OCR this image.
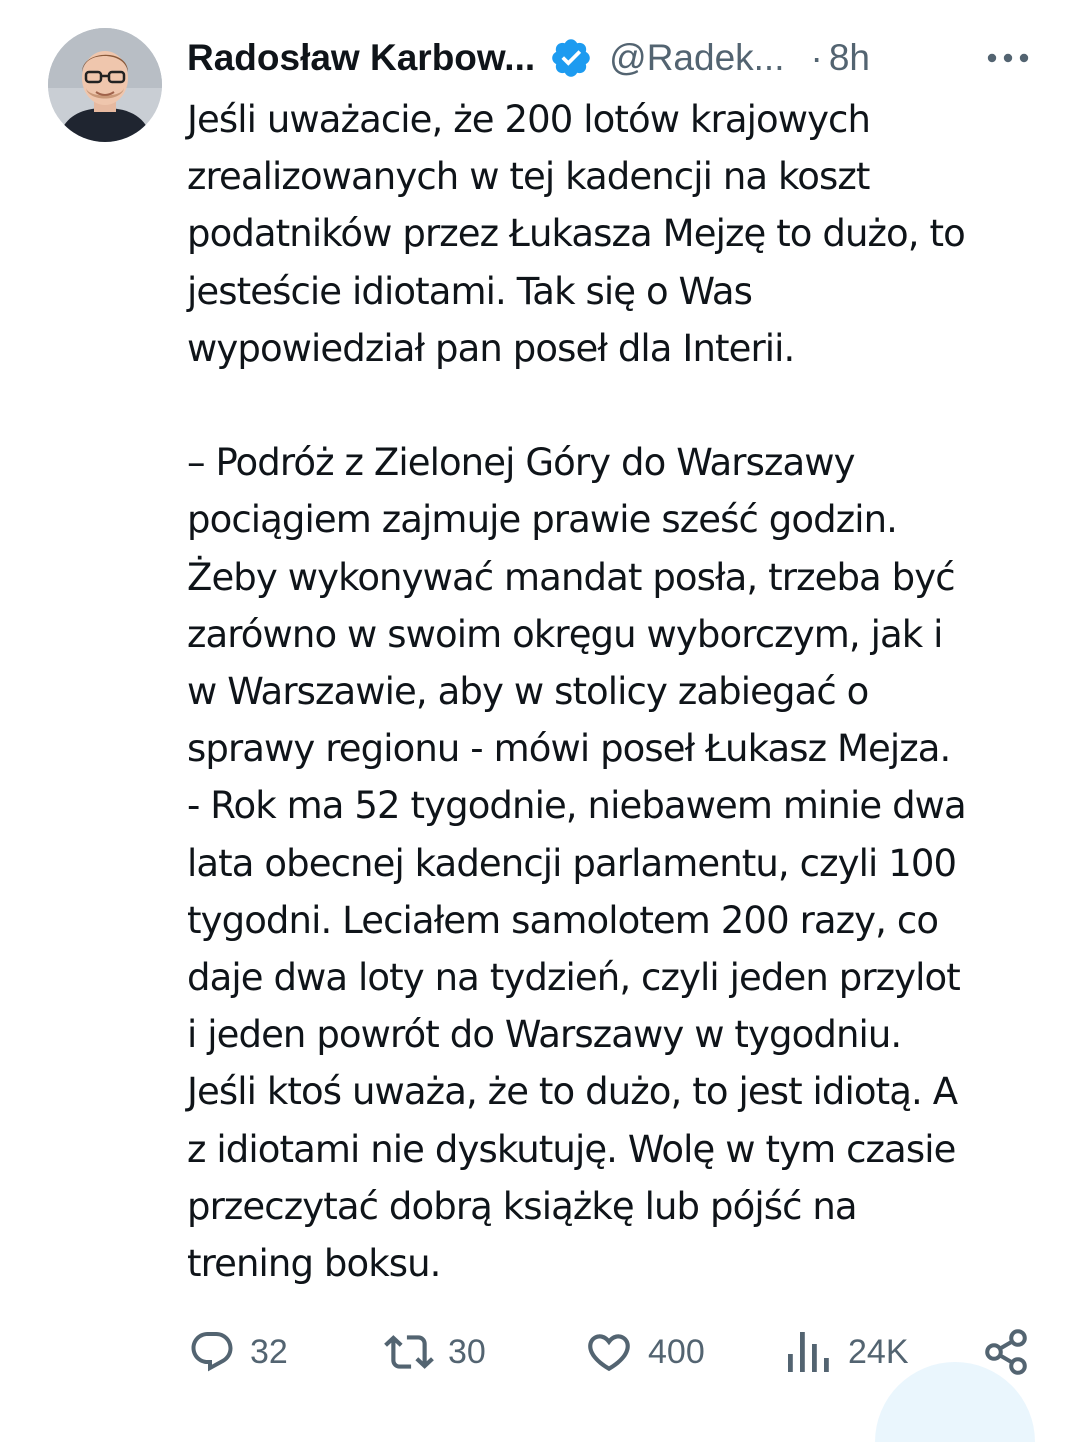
Radosław Karbow... @Radek... · 8h

Jeśli uważacie, że 200 lotów krajowych
zrealizowanych w tej kadencji na koszt
podatników przez Łukasza Mejzę to dużo, to
jesteście idiotami. Tak się o Was
wypowiedział pan poseł dla Interii.

– Podróż z Zielonej Góry do Warszawy
pociągiem zajmuje prawie sześć godzin.
Żeby wykonywać mandat posła, trzeba być
zarówno w swoim okręgu wyborczym, jak i
w Warszawie, aby w stolicy zabiegać o
sprawy regionu - mówi poseł Łukasz Mejza.
- Rok ma 52 tygodnie, niebawem minie dwa
lata obecnej kadencji parlamentu, czyli 100
tygodni. Leciałem samolotem 200 razy, co
daje dwa loty na tydzień, czyli jeden przylot
i jeden powrót do Warszawy w tygodniu.
Jeśli ktoś uważa, że to dużo, to jest idiotą. A
z idiotami nie dyskutuję. Wolę w tym czasie
przeczytać dobrą książkę lub pójść na
trening boksu.

32	30	400	24K
